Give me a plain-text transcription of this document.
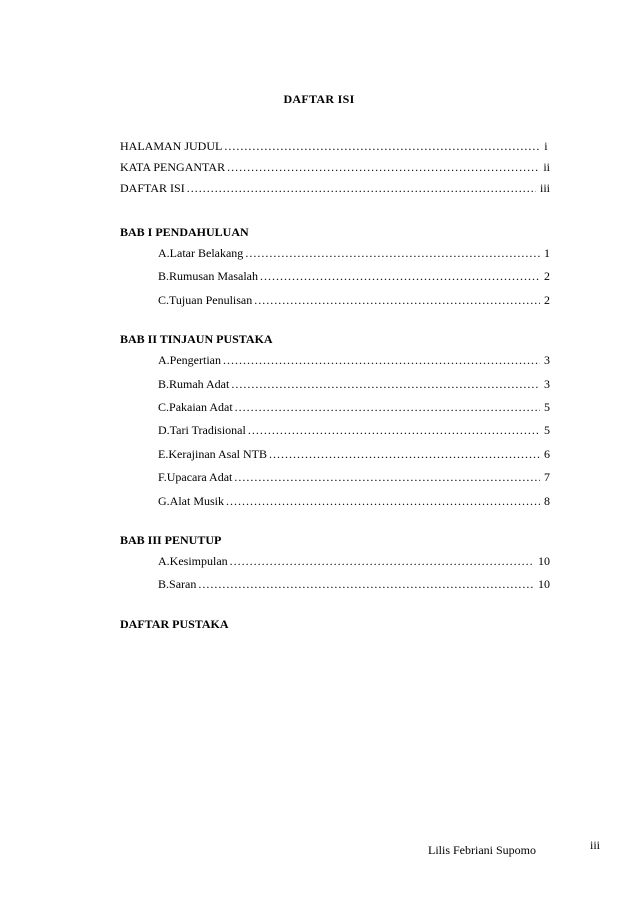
DAFTAR ISI
HALAMAN JUDUL .....	i
KATA PENGANTAR .....	ii
DAFTAR ISI .....	iii
BAB I PENDAHULUAN
A. Latar Belakang .....	1
B. Rumusan Masalah .....	2
C. Tujuan Penulisan .....	2
BAB II TINJAUN PUSTAKA
A. Pengertian .....	3
B. Rumah Adat .....	3
C. Pakaian Adat .....	5
D. Tari Tradisional .....	5
E. Kerajinan Asal NTB .....	6
F. Upacara Adat .....	7
G. Alat Musik .....	8
BAB III PENUTUP
A. Kesimpulan .....	10
B. Saran .....	10
DAFTAR PUSTAKA
Lilis Febriani Supomo	iii
